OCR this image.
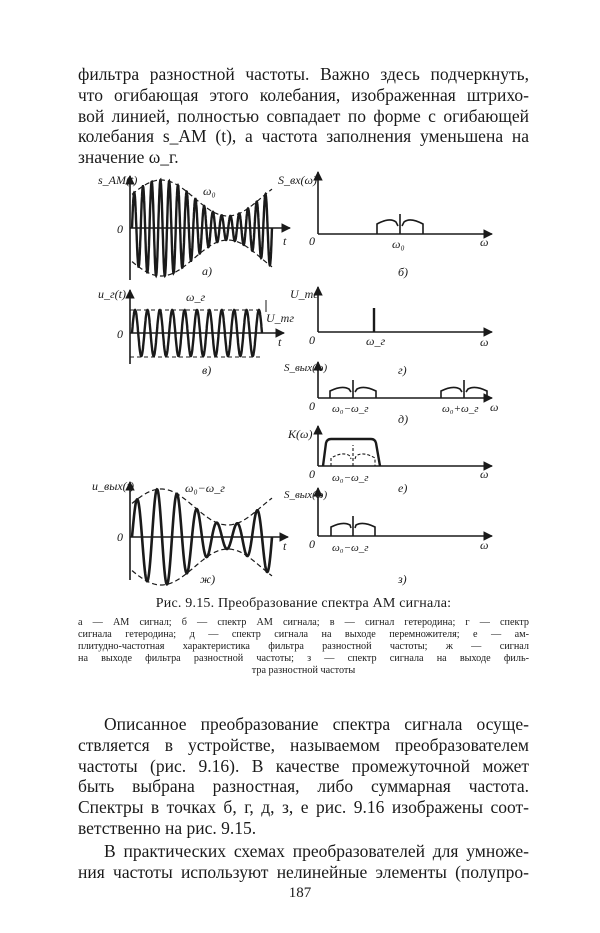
фильтра разностной частоты. Важно здесь подчеркнуть,
что огибающая этого колебания, изображенная штрихо-
вой линией, полностью совпадает по форме с огибающей
колебания s_AM (t), а частота заполнения уменьшена на
значение ω_г.
s_AM(t)
ω₀
0
t
а)
S_вх(ω)
0	ω₀	ω
б)
u_г(t)	ω_г
U_mг
0
t
в)
U_mг
0	ω_г	ω
г)
S_вых(ω)
0 ω₀−ω_г	ω₀+ω_г ω
д)
K(ω)
0 ω₀−ω_г	ω
е)
u_вых(t)	ω₀−ω_г
0
t
ж)
S_вых(ω)
0 ω₀−ω_г	ω
з)
Рис. 9.15. Преобразование спектра АМ сигнала:
а — АМ сигнал; б — спектр АМ сигнала; в — сигнал гетеродина; г — спектр
сигнала гетеродина; д — спектр сигнала на выходе перемножителя; е — ам-
плитудно-частотная характеристика фильтра разностной частоты; ж — сигнал
на выходе фильтра разностной частоты; з — спектр сигнала на выходе филь-
тра разностной частоты
Описанное преобразование спектра сигнала осуще-
ствляется в устройстве, называемом преобразователем
частоты (рис. 9.16). В качестве промежуточной может
быть выбрана разностная, либо суммарная частота.
Спектры в точках б, г, д, з, е рис. 9.16 изображены соот-
ветственно на рис. 9.15.
В практических схемах преобразователей для умноже-
ния частоты используют нелинейные элементы (полупро-
187
